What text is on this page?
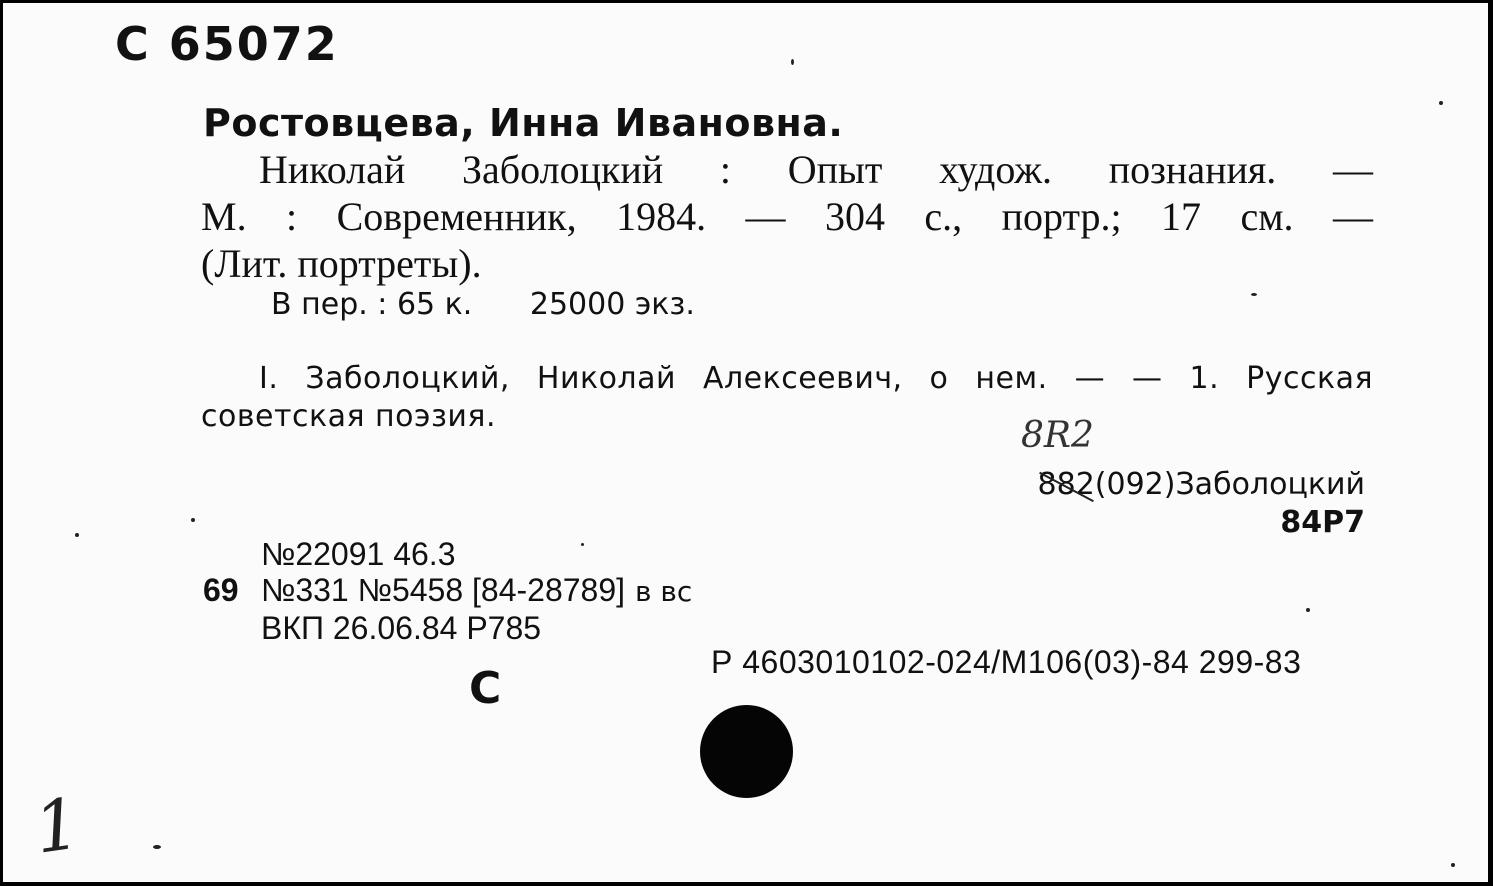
С 65072
Ростовцева, Инна Ивановна.
Николай Заболоцкий : Опыт худож. познания. —
М. : Современник, 1984. — 304 с., портр.; 17 см. —
(Лит. портреты).
В пер. : 65 к. 25000 экз.
I. Заболоцкий, Николай Алексеевич, о нем. — — 1. Русская советская поэзия.	8R2
882(092)Заболоцкий
84Р7
№22091 46.3
69 №331 №5458 [84-28789] в вс
ВКП 26.06.84 Р785
Р 4603010102-024/М106(03)-84 299-83
С
1
